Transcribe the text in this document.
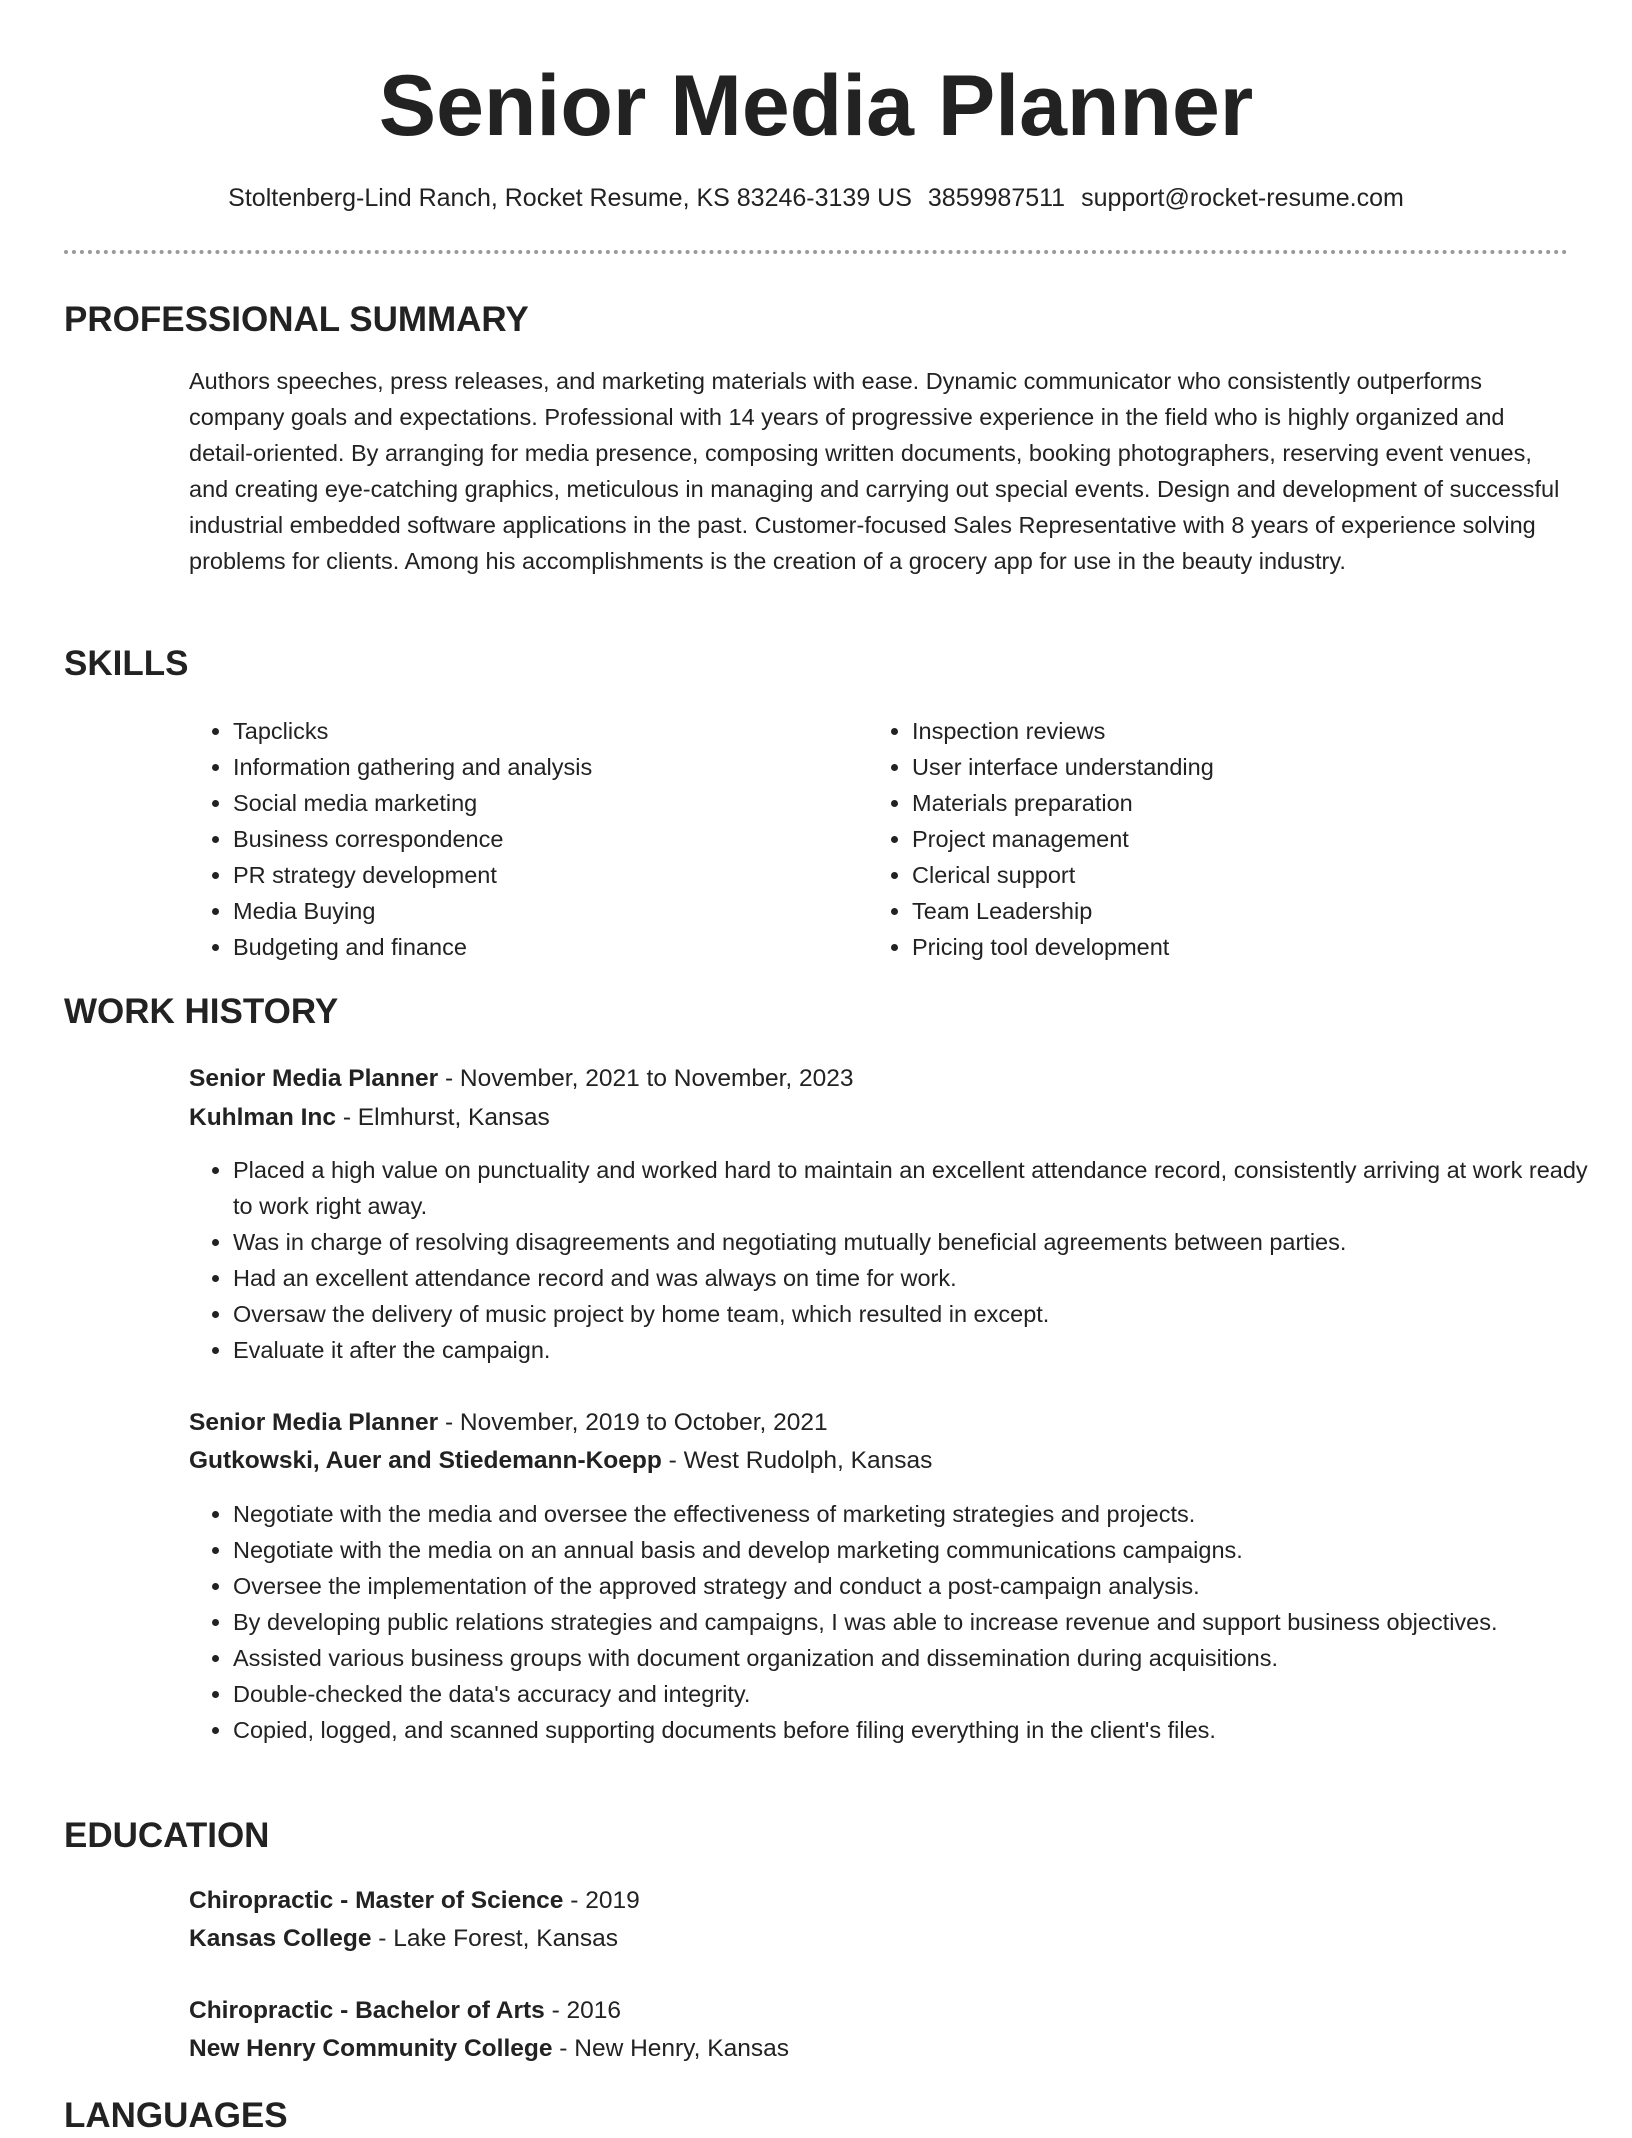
Senior Media Planner
Stoltenberg-Lind Ranch, Rocket Resume, KS 83246-3139 US 3859987511 support@rocket-resume.com
PROFESSIONAL SUMMARY
Authors speeches, press releases, and marketing materials with ease. Dynamic communicator who consistently outperforms company goals and expectations. Professional with 14 years of progressive experience in the field who is highly organized and detail-oriented. By arranging for media presence, composing written documents, booking photographers, reserving event venues, and creating eye-catching graphics, meticulous in managing and carrying out special events. Design and development of successful industrial embedded software applications in the past. Customer-focused Sales Representative with 8 years of experience solving problems for clients. Among his accomplishments is the creation of a grocery app for use in the beauty industry.
SKILLS
• Tapclicks
• Information gathering and analysis
• Social media marketing
• Business correspondence
• PR strategy development
• Media Buying
• Budgeting and finance
• Inspection reviews
• User interface understanding
• Materials preparation
• Project management
• Clerical support
• Team Leadership
• Pricing tool development
WORK HISTORY
Senior Media Planner - November, 2021 to November, 2023
Kuhlman Inc - Elmhurst, Kansas
• Placed a high value on punctuality and worked hard to maintain an excellent attendance record, consistently arriving at work ready to work right away.
• Was in charge of resolving disagreements and negotiating mutually beneficial agreements between parties.
• Had an excellent attendance record and was always on time for work.
• Oversaw the delivery of music project by home team, which resulted in except.
• Evaluate it after the campaign.
Senior Media Planner - November, 2019 to October, 2021
Gutkowski, Auer and Stiedemann-Koepp - West Rudolph, Kansas
• Negotiate with the media and oversee the effectiveness of marketing strategies and projects.
• Negotiate with the media on an annual basis and develop marketing communications campaigns.
• Oversee the implementation of the approved strategy and conduct a post-campaign analysis.
• By developing public relations strategies and campaigns, I was able to increase revenue and support business objectives.
• Assisted various business groups with document organization and dissemination during acquisitions.
• Double-checked the data's accuracy and integrity.
• Copied, logged, and scanned supporting documents before filing everything in the client's files.
EDUCATION
Chiropractic - Master of Science - 2019
Kansas College - Lake Forest, Kansas
Chiropractic - Bachelor of Arts - 2016
New Henry Community College - New Henry, Kansas
LANGUAGES
